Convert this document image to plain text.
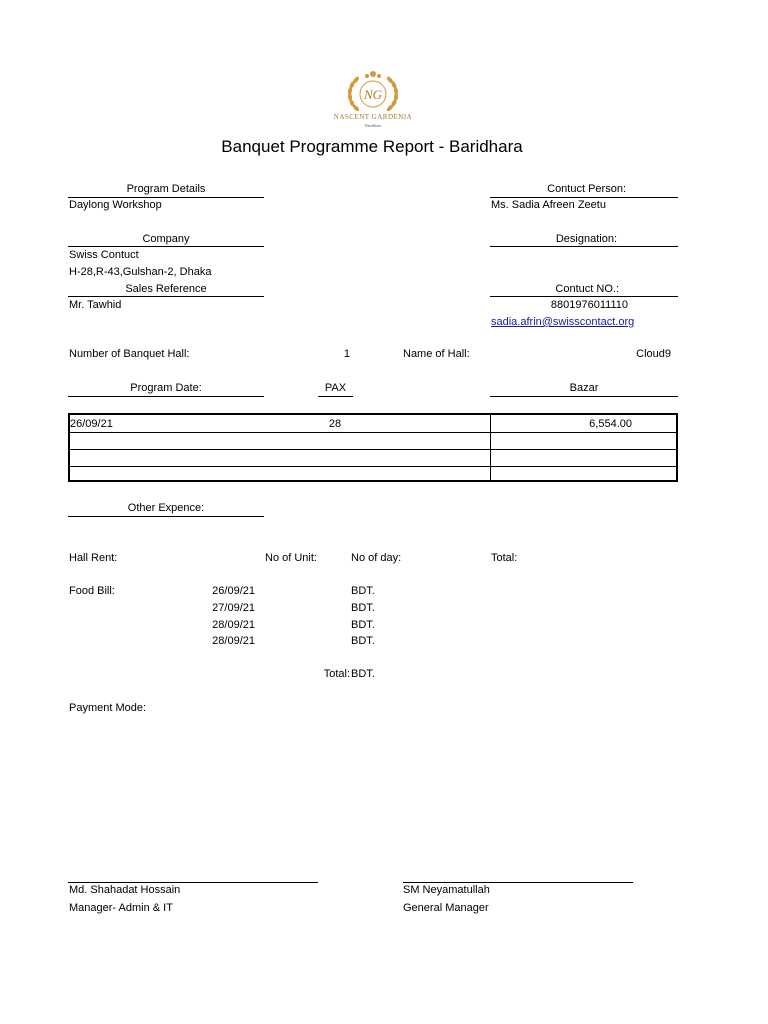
NG
NASCENT GARDENIA
Baridhara
Banquet Programme Report - Baridhara
Program Details
Daylong Workshop
Contuct Person:
Ms. Sadia Afreen Zeetu
Company
Swiss Contuct
H-28,R-43,Gulshan-2, Dhaka
Designation:
Sales Reference
Mr. Tawhid
Contuct NO.:
8801976011110
sadia.afrin@swisscontact.org
Number of Banquet Hall:	1	Name of Hall:	Cloud9
Program Date:	PAX	Bazar
26/09/21	28	6,554.00
Other Expence:
Hall Rent:	No of Unit:	No of day:	Total:
Food Bill:	26/09/21	BDT.
27/09/21	BDT.
28/09/21	BDT.
28/09/21	BDT.
Total: BDT.
Payment Mode:
Md. Shahadat Hossain
Manager- Admin & IT
SM Neyamatullah
General Manager
